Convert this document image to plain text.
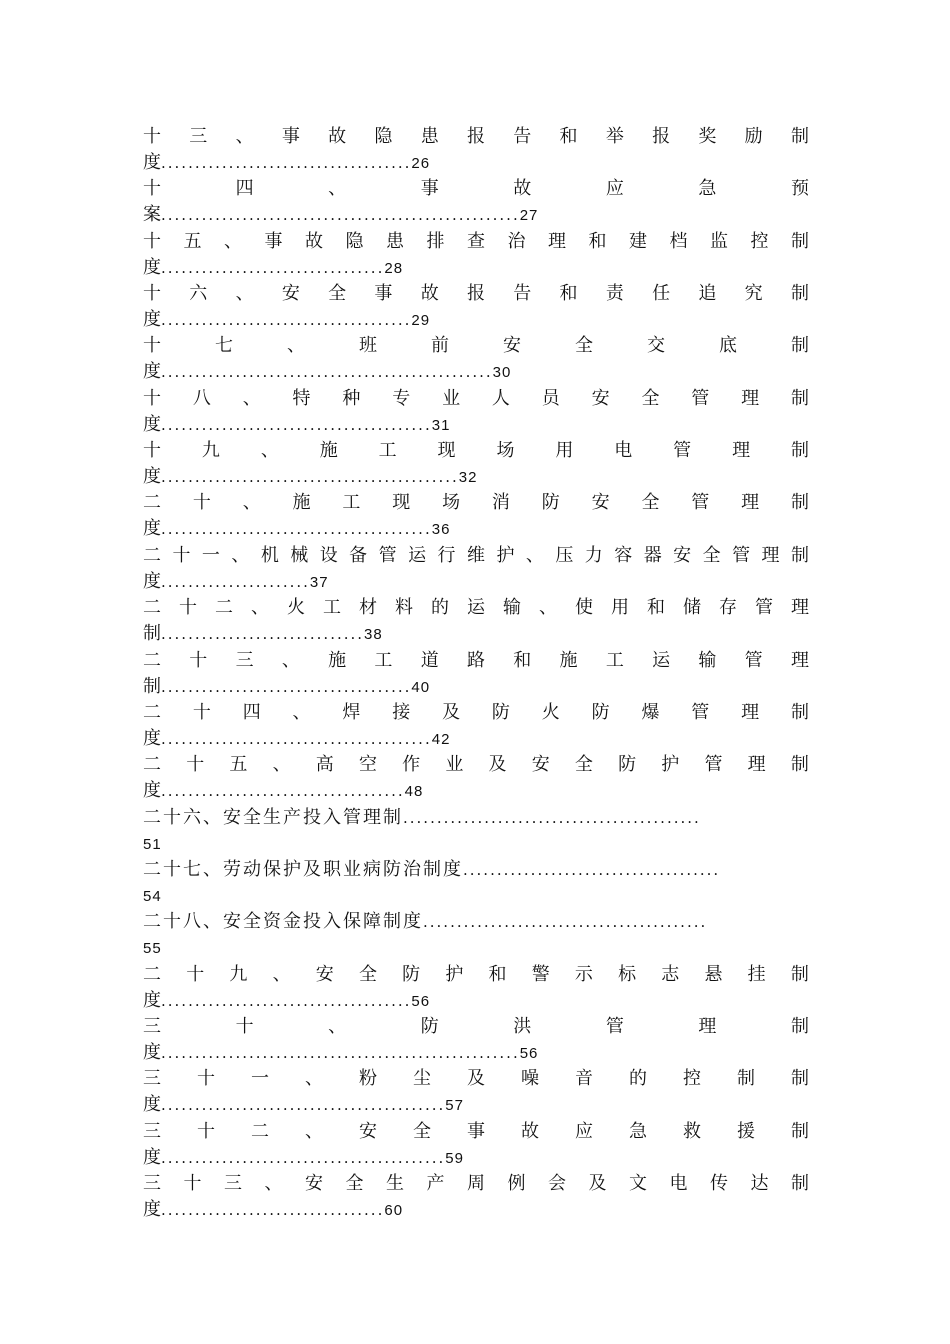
十 三 、 事 故 隐 患 报 告 和 举 报 奖 励 制
度.....................................26
十	四	、	事	故	应	急	预
案.....................................................27
十 五 、 事 故 隐 患 排 查 治 理 和 建 档 监 控 制
度.................................28
十 六 、 安 全 事 故 报 告 和 责 任 追 究 制
度.....................................29
十	七	、	班	前	安	全	交	底	制
度.................................................30
十 八 、 特 种 专 业 人 员 安 全 管 理 制
度........................................31
十 九 、 施 工 现 场 用 电 管 理 制
度............................................32
二 十 、 施 工 现 场 消 防 安 全 管 理 制
度........................................36
二 十 一 、 机 械 设 备 管 运 行 维 护 、 压 力 容 器 安 全 管 理 制
度......................37
二 十 二 、 火 工 材 料 的 运 输 、 使 用 和 储 存 管 理
制..............................38
二 十 三 、 施 工 道 路 和 施 工 运 输 管 理
制.....................................40
二 十 四 、 焊 接 及 防 火 防 爆 管 理 制
度........................................42
二 十 五 、 高 空 作 业 及 安 全 防 护 管 理 制
度....................................48
二 十 六 、 安 全 生 产 投 入 管 理 制 ............................................
51
二 十 七 、 劳 动 保 护 及 职 业 病 防 治 制 度 ......................................
54
二 十 八 、 安 全 资 金 投 入 保 障 制 度 ..........................................
55
二 十 九 、 安 全 防 护 和 警 示 标 志 悬 挂 制
度.....................................56
三	十	、	防	洪	管	理	制
度.....................................................56
三 十 一 、 粉 尘 及 噪 音 的 控 制 制
度..........................................57
三 十 二 、 安 全 事 故 应 急 救 援 制
度..........................................59
三 十 三 、 安 全 生 产 周 例 会 及 文 电 传 达 制
度.................................60
